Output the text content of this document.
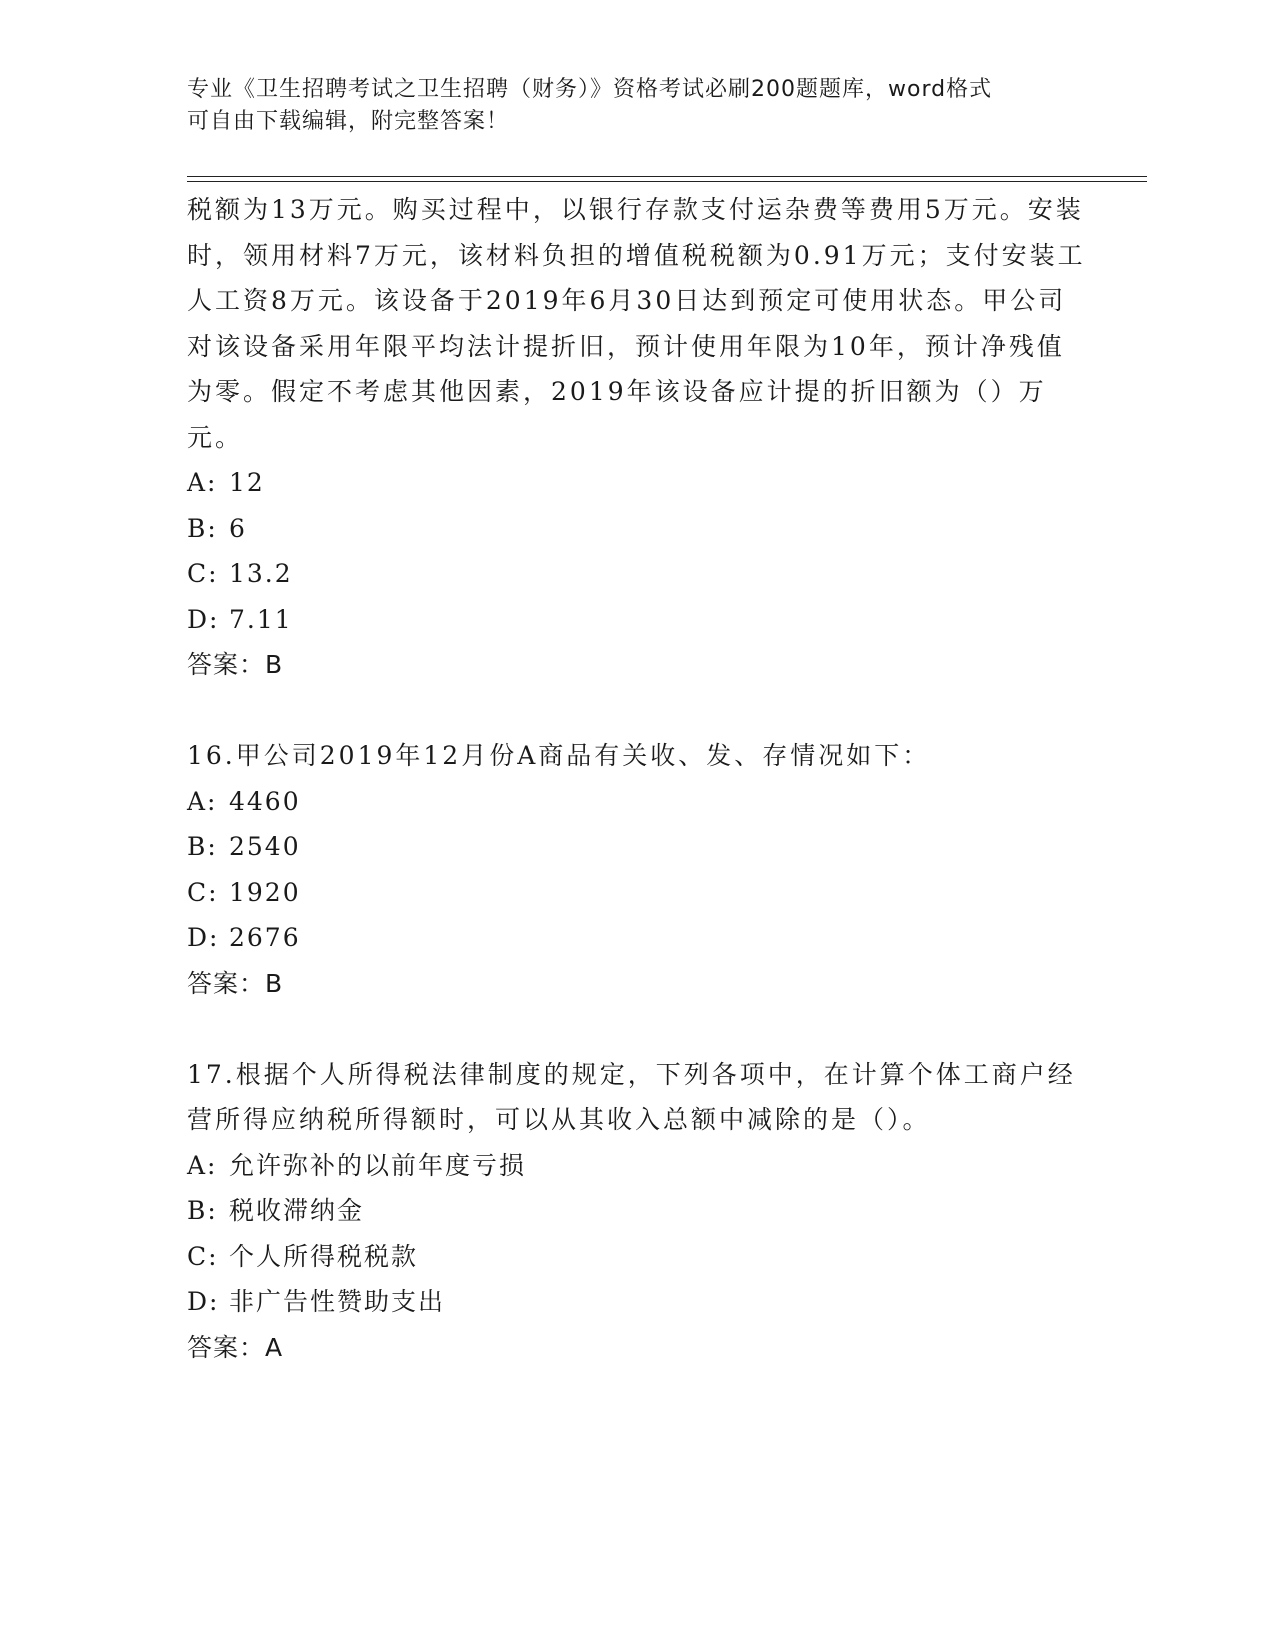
专业《卫生招聘考试之卫生招聘（财务）》资格考试必刷200题题库，word格式
可自由下载编辑，附完整答案！

税额为13万元。购买过程中，以银行存款支付运杂费等费用5万元。安装时，领用材料7万元，该材料负担的增值税税额为0.91万元；支付安装工人工资8万元。该设备于2019年6月30日达到预定可使用状态。甲公司对该设备采用年限平均法计提折旧，预计使用年限为10年，预计净残值为零。假定不考虑其他因素，2019年该设备应计提的折旧额为（）万元。

A: 12
B: 6
C: 13.2
D: 7.11
答案：B

16.甲公司2019年12月份A商品有关收、发、存情况如下：

A: 4460
B: 2540
C: 1920
D: 2676
答案：B

17.根据个人所得税法律制度的规定，下列各项中，在计算个体工商户经营所得应纳税所得额时，可以从其收入总额中减除的是（）。

A: 允许弥补的以前年度亏损
B: 税收滞纳金
C: 个人所得税税款
D: 非广告性赞助支出
答案：A
